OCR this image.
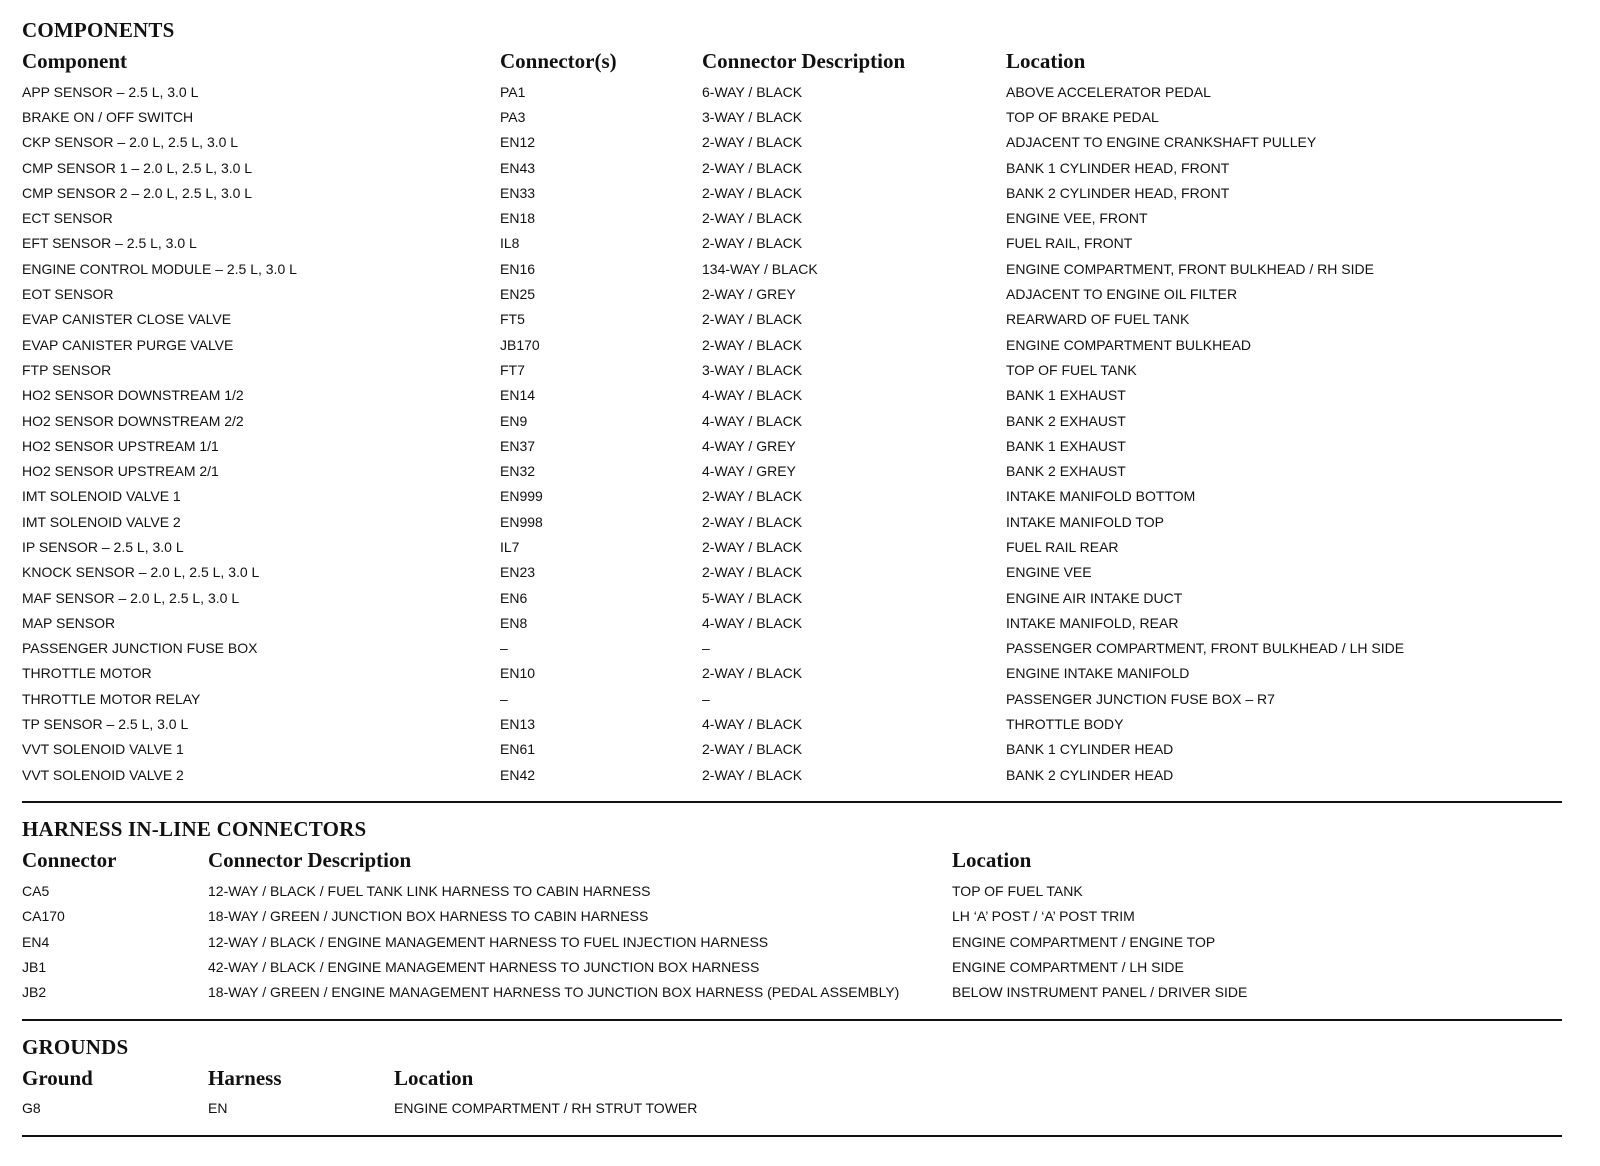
COMPONENTS
Component	Connector(s)	Connector Description	Location
APP SENSOR – 2.5 L, 3.0 L	PA1	6-WAY / BLACK	ABOVE ACCELERATOR PEDAL
BRAKE ON / OFF SWITCH	PA3	3-WAY / BLACK	TOP OF BRAKE PEDAL
CKP SENSOR – 2.0 L, 2.5 L, 3.0 L	EN12	2-WAY / BLACK	ADJACENT TO ENGINE CRANKSHAFT PULLEY
CMP SENSOR 1 – 2.0 L, 2.5 L, 3.0 L	EN43	2-WAY / BLACK	BANK 1 CYLINDER HEAD, FRONT
CMP SENSOR 2 – 2.0 L, 2.5 L, 3.0 L	EN33	2-WAY / BLACK	BANK 2 CYLINDER HEAD, FRONT
ECT SENSOR	EN18	2-WAY / BLACK	ENGINE VEE, FRONT
EFT SENSOR – 2.5 L, 3.0 L	IL8	2-WAY / BLACK	FUEL RAIL, FRONT
ENGINE CONTROL MODULE – 2.5 L, 3.0 L	EN16	134-WAY / BLACK	ENGINE COMPARTMENT, FRONT BULKHEAD / RH SIDE
EOT SENSOR	EN25	2-WAY / GREY	ADJACENT TO ENGINE OIL FILTER
EVAP CANISTER CLOSE VALVE	FT5	2-WAY / BLACK	REARWARD OF FUEL TANK
EVAP CANISTER PURGE VALVE	JB170	2-WAY / BLACK	ENGINE COMPARTMENT BULKHEAD
FTP SENSOR	FT7	3-WAY / BLACK	TOP OF FUEL TANK
HO2 SENSOR DOWNSTREAM 1/2	EN14	4-WAY / BLACK	BANK 1 EXHAUST
HO2 SENSOR DOWNSTREAM 2/2	EN9	4-WAY / BLACK	BANK 2 EXHAUST
HO2 SENSOR UPSTREAM 1/1	EN37	4-WAY / GREY	BANK 1 EXHAUST
HO2 SENSOR UPSTREAM 2/1	EN32	4-WAY / GREY	BANK 2 EXHAUST
IMT SOLENOID VALVE 1	EN999	2-WAY / BLACK	INTAKE MANIFOLD BOTTOM
IMT SOLENOID VALVE 2	EN998	2-WAY / BLACK	INTAKE MANIFOLD TOP
IP SENSOR – 2.5 L, 3.0 L	IL7	2-WAY / BLACK	FUEL RAIL REAR
KNOCK SENSOR – 2.0 L, 2.5 L, 3.0 L	EN23	2-WAY / BLACK	ENGINE VEE
MAF SENSOR – 2.0 L, 2.5 L, 3.0 L	EN6	5-WAY / BLACK	ENGINE AIR INTAKE DUCT
MAP SENSOR	EN8	4-WAY / BLACK	INTAKE MANIFOLD, REAR
PASSENGER JUNCTION FUSE BOX	–	–	PASSENGER COMPARTMENT, FRONT BULKHEAD / LH SIDE
THROTTLE MOTOR	EN10	2-WAY / BLACK	ENGINE INTAKE MANIFOLD
THROTTLE MOTOR RELAY	–	–	PASSENGER JUNCTION FUSE BOX – R7
TP SENSOR – 2.5 L, 3.0 L	EN13	4-WAY / BLACK	THROTTLE BODY
VVT SOLENOID VALVE 1	EN61	2-WAY / BLACK	BANK 1 CYLINDER HEAD
VVT SOLENOID VALVE 2	EN42	2-WAY / BLACK	BANK 2 CYLINDER HEAD
HARNESS IN-LINE CONNECTORS
Connector	Connector Description	Location
CA5	12-WAY / BLACK / FUEL TANK LINK HARNESS TO CABIN HARNESS	TOP OF FUEL TANK
CA170	18-WAY / GREEN / JUNCTION BOX HARNESS TO CABIN HARNESS	LH ‘A’ POST / ‘A’ POST TRIM
EN4	12-WAY / BLACK / ENGINE MANAGEMENT HARNESS TO FUEL INJECTION HARNESS	ENGINE COMPARTMENT / ENGINE TOP
JB1	42-WAY / BLACK / ENGINE MANAGEMENT HARNESS TO JUNCTION BOX HARNESS	ENGINE COMPARTMENT / LH SIDE
JB2	18-WAY / GREEN / ENGINE MANAGEMENT HARNESS TO JUNCTION BOX HARNESS (PEDAL ASSEMBLY)	BELOW INSTRUMENT PANEL / DRIVER SIDE
GROUNDS
Ground	Harness	Location
G8	EN	ENGINE COMPARTMENT / RH STRUT TOWER
